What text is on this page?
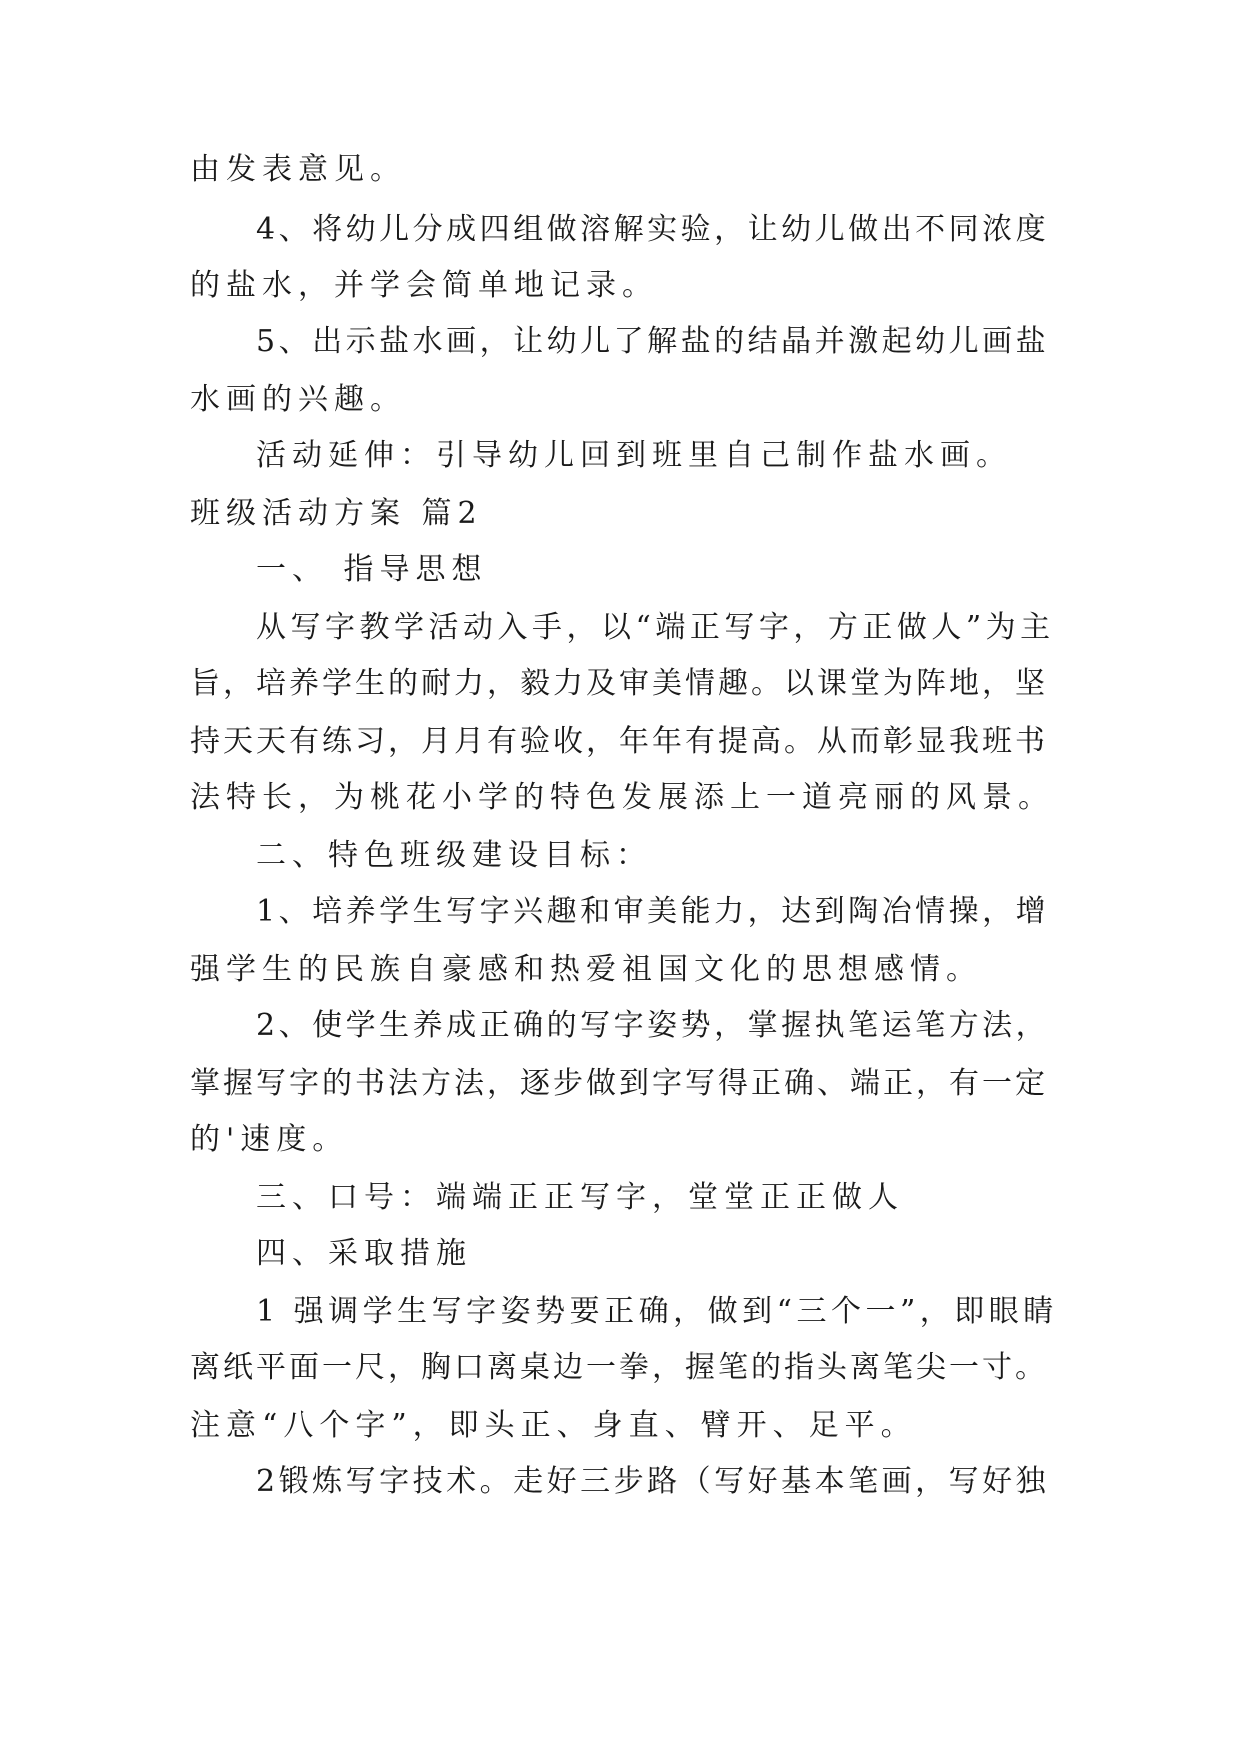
由发表意见。
4、将幼儿分成四组做溶解实验，让幼儿做出不同浓度
的盐水，并学会简单地记录。
5、出示盐水画，让幼儿了解盐的结晶并激起幼儿画盐
水画的兴趣。
活动延伸：引导幼儿回到班里自己制作盐水画。
班级活动方案 篇2
一、 指导思想
从写字教学活动入手，以“端正写字，方正做人”为主
旨，培养学生的耐力，毅力及审美情趣。以课堂为阵地，坚
持天天有练习，月月有验收，年年有提高。从而彰显我班书
法特长，为桃花小学的特色发展添上一道亮丽的风景。
二、特色班级建设目标：
1、培养学生写字兴趣和审美能力，达到陶冶情操，增
强学生的民族自豪感和热爱祖国文化的思想感情。
2、使学生养成正确的写字姿势，掌握执笔运笔方法，
掌握写字的书法方法，逐步做到字写得正确、端正，有一定
的'速度。
三、口号：端端正正写字，堂堂正正做人
四、采取措施
1 强调学生写字姿势要正确，做到“三个一”，即眼睛
离纸平面一尺，胸口离桌边一拳，握笔的指头离笔尖一寸。
注意“八个字”，即头正、身直、臂开、足平。
2锻炼写字技术。走好三步路（写好基本笔画，写好独
